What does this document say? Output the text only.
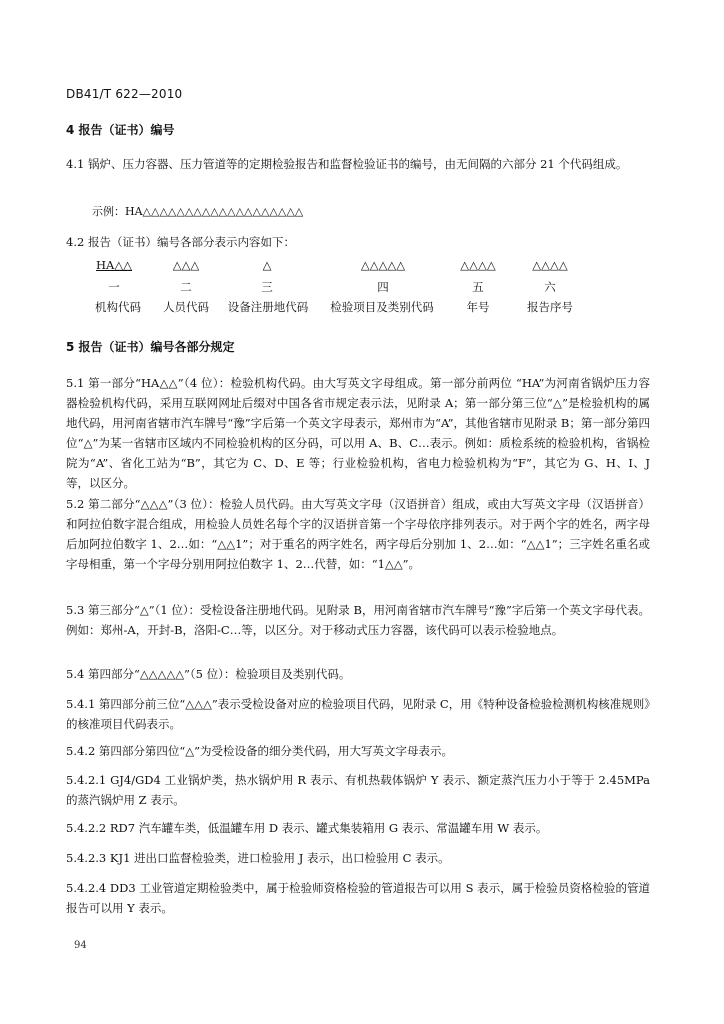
DB41/T 622—2010
4 报告（证书）编号
4.1 锅炉、压力容器、压力管道等的定期检验报告和监督检验证书的编号，由无间隔的六部分 21 个代码组成。
示例：HA△△△△△△△△△△△△△△△△△△△
4.2 报告（证书）编号各部分表示内容如下：
HA△△
一
机构代码
△△△
二
人员代码
△
三
设备注册地代码
△△△△△
四
检验项目及类别代码
△△△△
五
年号
△△△△
六
报告序号
5 报告（证书）编号各部分规定
5.1 第一部分“HA△△”（4 位）：检验机构代码。由大写英文字母组成。第一部分前两位 “HA”为河南省锅炉压力容器检验机构代码，采用互联网网址后缀对中国各省市规定表示法，见附录 A；第一部分第三位“△”是检验机构的属地代码，用河南省辖市汽车牌号“豫”字后第一个英文字母表示，郑州市为“A”，其他省辖市见附录 B；第一部分第四位“△”为某一省辖市区域内不同检验机构的区分码，可以用 A、B、C…表示。例如：质检系统的检验机构，省锅检院为“A”、省化工站为“B”，其它为 C、D、E 等；行业检验机构，省电力检验机构为“F”，其它为 G、H、I、J 等，以区分。
5.2 第二部分“△△△”（3 位）：检验人员代码。由大写英文字母（汉语拼音）组成，或由大写英文字母（汉语拼音）和阿拉伯数字混合组成，用检验人员姓名每个字的汉语拼音第一个字母依序排列表示。对于两个字的姓名，两字母后加阿拉伯数字 1、2…如：“△△1”；对于重名的两字姓名，两字母后分别加 1、2…如：“△△1”；三字姓名重名或字母相重，第一个字母分别用阿拉伯数字 1、2…代替，如：“1△△”。
5.3 第三部分“△”（1 位）：受检设备注册地代码。见附录 B，用河南省辖市汽车牌号“豫”字后第一个英文字母代表。例如：郑州-A，开封-B，洛阳-C…等，以区分。对于移动式压力容器，该代码可以表示检验地点。
5.4 第四部分“△△△△△”（5 位）：检验项目及类别代码。
5.4.1 第四部分前三位“△△△”表示受检设备对应的检验项目代码，见附录 C，用《特种设备检验检测机构核准规则》的核准项目代码表示。
5.4.2 第四部分第四位“△”为受检设备的细分类代码，用大写英文字母表示。
5.4.2.1 GJ4/GD4 工业锅炉类，热水锅炉用 R 表示、有机热载体锅炉 Y 表示、额定蒸汽压力小于等于 2.45MPa 的蒸汽锅炉用 Z 表示。
5.4.2.2 RD7 汽车罐车类，低温罐车用 D 表示、罐式集装箱用 G 表示、常温罐车用 W 表示。
5.4.2.3 KJ1 进出口监督检验类，进口检验用 J 表示，出口检验用 C 表示。
5.4.2.4 DD3 工业管道定期检验类中，属于检验师资格检验的管道报告可以用 S 表示，属于检验员资格检验的管道报告可以用 Y 表示。
94
